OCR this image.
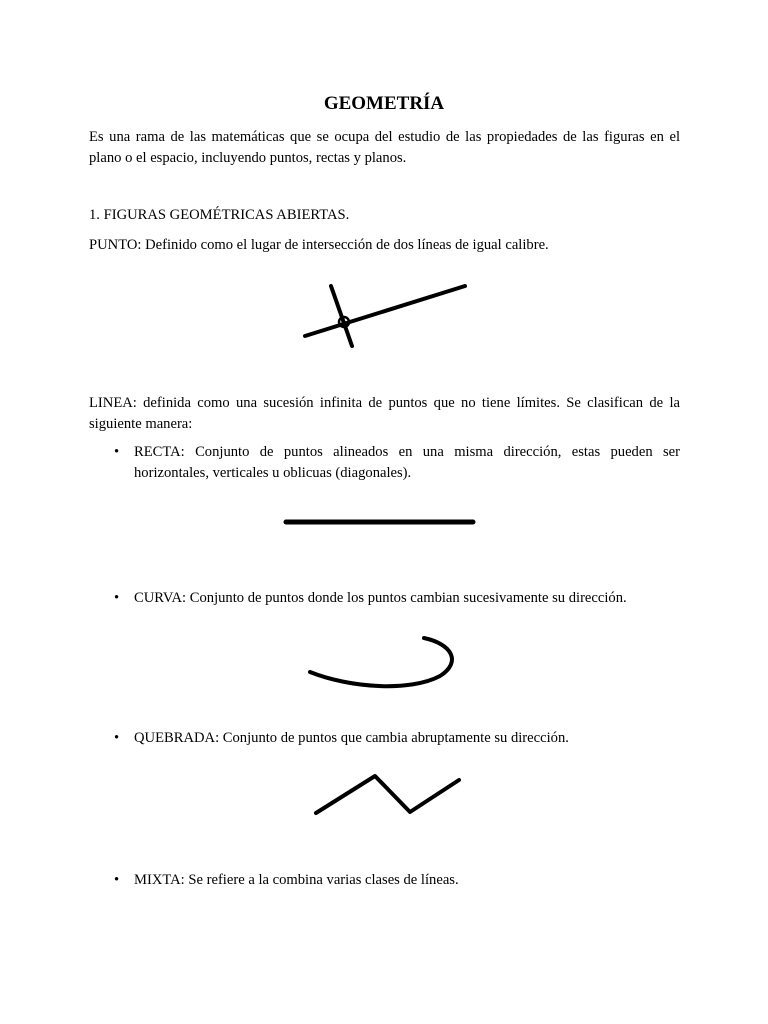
GEOMETRÍA
Es una rama de las matemáticas que se ocupa del estudio de las propiedades de las figuras en el plano o el espacio, incluyendo puntos, rectas y planos.
1. FIGURAS GEOMÉTRICAS ABIERTAS.
PUNTO: Definido como el lugar de intersección de dos líneas de igual calibre.
LINEA: definida como una sucesión infinita de puntos que no tiene límites. Se clasifican de la siguiente manera:
• RECTA: Conjunto de puntos alineados en una misma dirección, estas pueden ser horizontales, verticales u oblicuas (diagonales).
• CURVA: Conjunto de puntos donde los puntos cambian sucesivamente su dirección.
• QUEBRADA: Conjunto de puntos que cambia abruptamente su dirección.
• MIXTA: Se refiere a la combina varias clases de líneas.
